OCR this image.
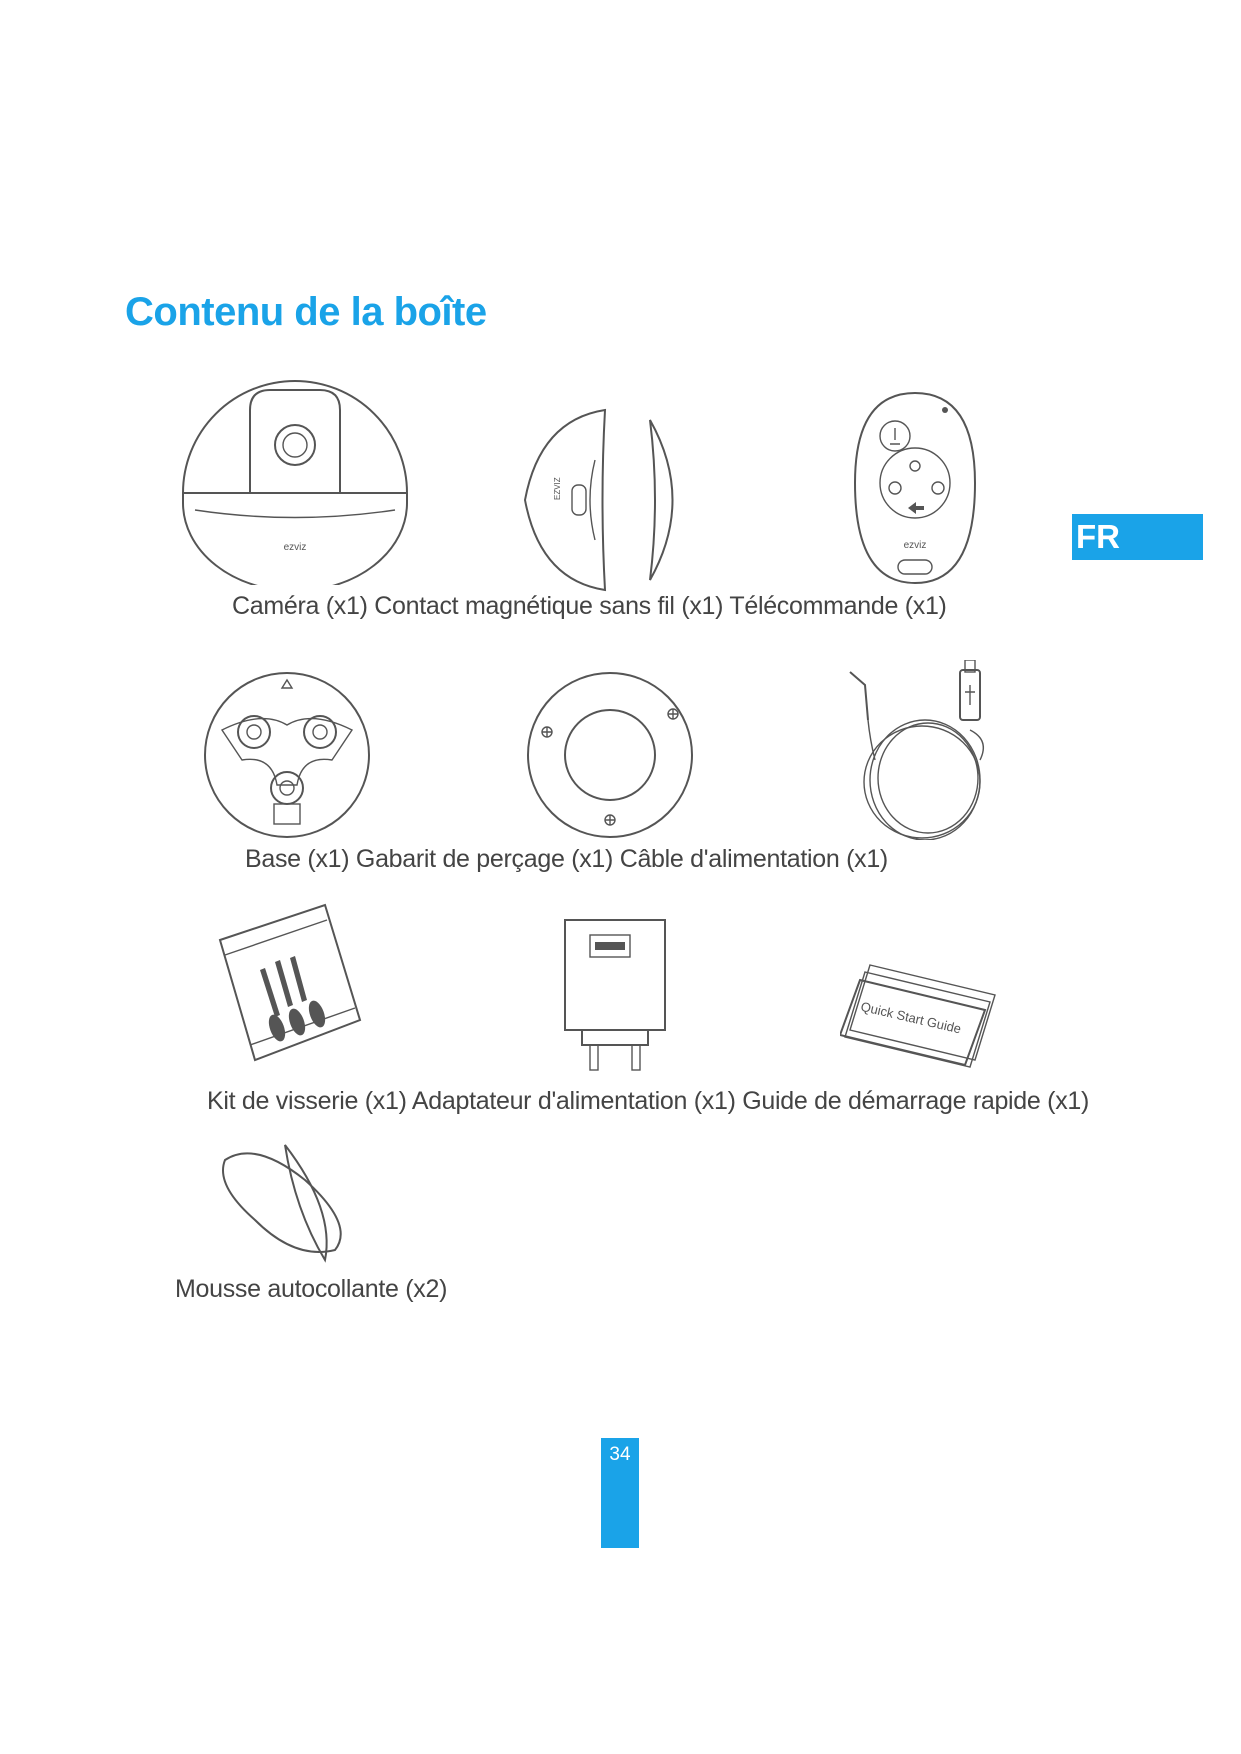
Contenu de la boîte
FR
ezviz
EZVIZ
ezviz
Caméra (x1) Contact magnétique sans fil (x1) Télécommande (x1)
Base (x1) Gabarit de perçage (x1) Câble d'alimentation (x1)
Quick Start Guide
Kit de visserie (x1) Adaptateur d'alimentation (x1) Guide de démarrage rapide (x1)
Mousse autocollante (x2)
34
